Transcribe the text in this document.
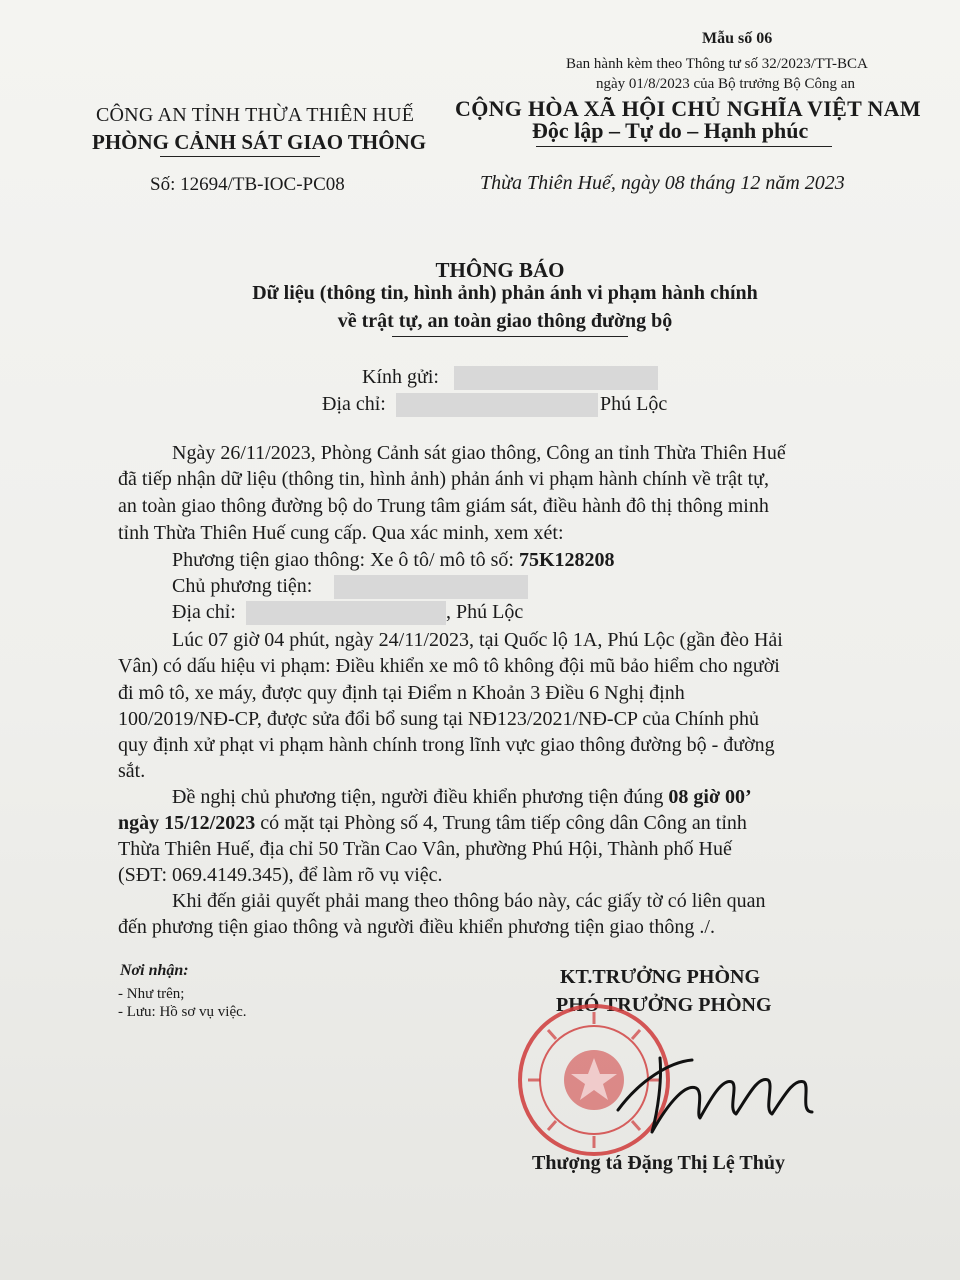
Mẫu số 06
Ban hành kèm theo Thông tư số 32/2023/TT-BCA
ngày 01/8/2023 của Bộ trưởng Bộ Công an
CÔNG AN TỈNH THỪA THIÊN HUẾ
PHÒNG CẢNH SÁT GIAO THÔNG
CỘNG HÒA XÃ HỘI CHỦ NGHĨA VIỆT NAM
Độc lập – Tự do – Hạnh phúc
Số: 12694/TB-IOC-PC08	Thừa Thiên Huế, ngày 08 tháng 12 năm 2023
THÔNG BÁO
Dữ liệu (thông tin, hình ảnh) phản ánh vi phạm hành chính
về trật tự, an toàn giao thông đường bộ
Kính gửi:
Địa chỉ:	Phú Lộc
Ngày 26/11/2023, Phòng Cảnh sát giao thông, Công an tỉnh Thừa Thiên Huế
đã tiếp nhận dữ liệu (thông tin, hình ảnh) phản ánh vi phạm hành chính về trật tự,
an toàn giao thông đường bộ do Trung tâm giám sát, điều hành đô thị thông minh
tỉnh Thừa Thiên Huế cung cấp. Qua xác minh, xem xét:
Phương tiện giao thông: Xe ô tô/ mô tô số: 75K128208
Chủ phương tiện:
Địa chỉ:	, Phú Lộc
Lúc 07 giờ 04 phút, ngày 24/11/2023, tại Quốc lộ 1A, Phú Lộc (gần đèo Hải
Vân) có dấu hiệu vi phạm: Điều khiển xe mô tô không đội mũ bảo hiểm cho người
đi mô tô, xe máy, được quy định tại Điểm n Khoản 3 Điều 6 Nghị định
100/2019/NĐ-CP, được sửa đổi bổ sung tại NĐ123/2021/NĐ-CP của Chính phủ
quy định xử phạt vi phạm hành chính trong lĩnh vực giao thông đường bộ - đường
sắt.
Đề nghị chủ phương tiện, người điều khiển phương tiện đúng 08 giờ 00’
ngày 15/12/2023 có mặt tại Phòng số 4, Trung tâm tiếp công dân Công an tỉnh
Thừa Thiên Huế, địa chỉ 50 Trần Cao Vân, phường Phú Hội, Thành phố Huế
(SĐT: 069.4149.345), để làm rõ vụ việc.
Khi đến giải quyết phải mang theo thông báo này, các giấy tờ có liên quan
đến phương tiện giao thông và người điều khiển phương tiện giao thông ./.
Nơi nhận:
- Như trên;
- Lưu: Hồ sơ vụ việc.
KT.TRƯỞNG PHÒNG
PHÓ TRƯỞNG PHÒNG
Thượng tá Đặng Thị Lệ Thủy
